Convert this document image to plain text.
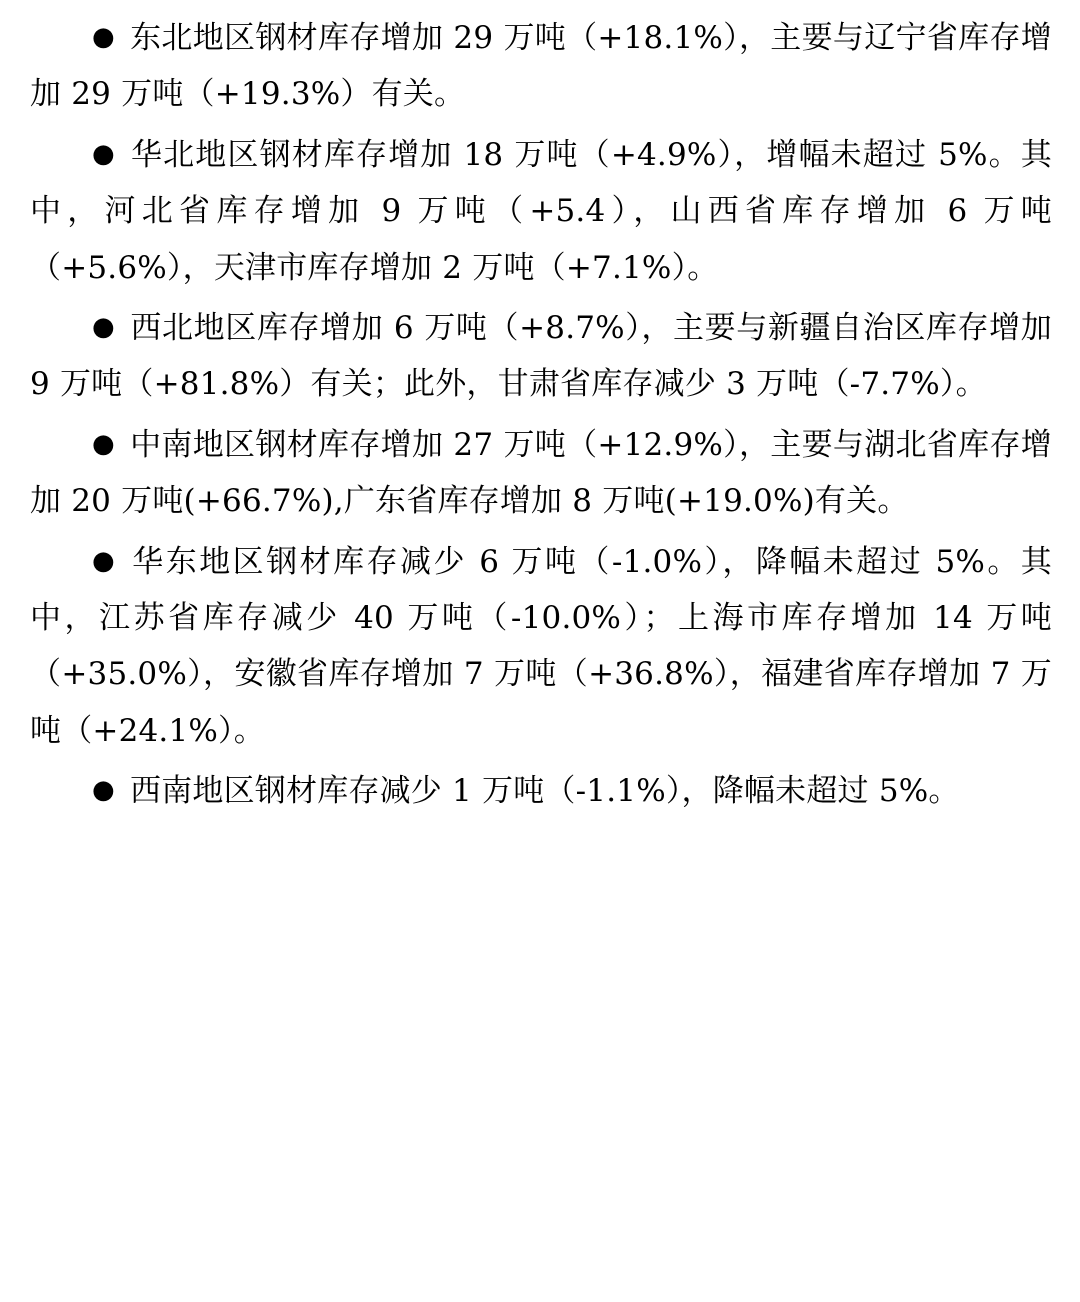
●东北地区钢材库存增加 29 万吨（+18.1%），主要与辽宁省库存增加 29 万吨（+19.3%）有关。

●华北地区钢材库存增加 18 万吨（+4.9%），增幅未超过 5%。其中，河北省库存增加 9 万吨（+5.4），山西省库存增加 6 万吨（+5.6%），天津市库存增加 2 万吨（+7.1%）。

●西北地区库存增加 6 万吨（+8.7%），主要与新疆自治区库存增加 9 万吨（+81.8%）有关；此外，甘肃省库存减少 3 万吨（-7.7%）。

●中南地区钢材库存增加 27 万吨（+12.9%），主要与湖北省库存增加 20 万吨(+66.7%),广东省库存增加 8 万吨(+19.0%)有关。

●华东地区钢材库存减少 6 万吨（-1.0%），降幅未超过 5%。其中，江苏省库存减少 40 万吨（-10.0%）；上海市库存增加 14 万吨（+35.0%），安徽省库存增加 7 万吨（+36.8%），福建省库存增加 7 万吨（+24.1%）。

●西南地区钢材库存减少 1 万吨（-1.1%），降幅未超过 5%。
